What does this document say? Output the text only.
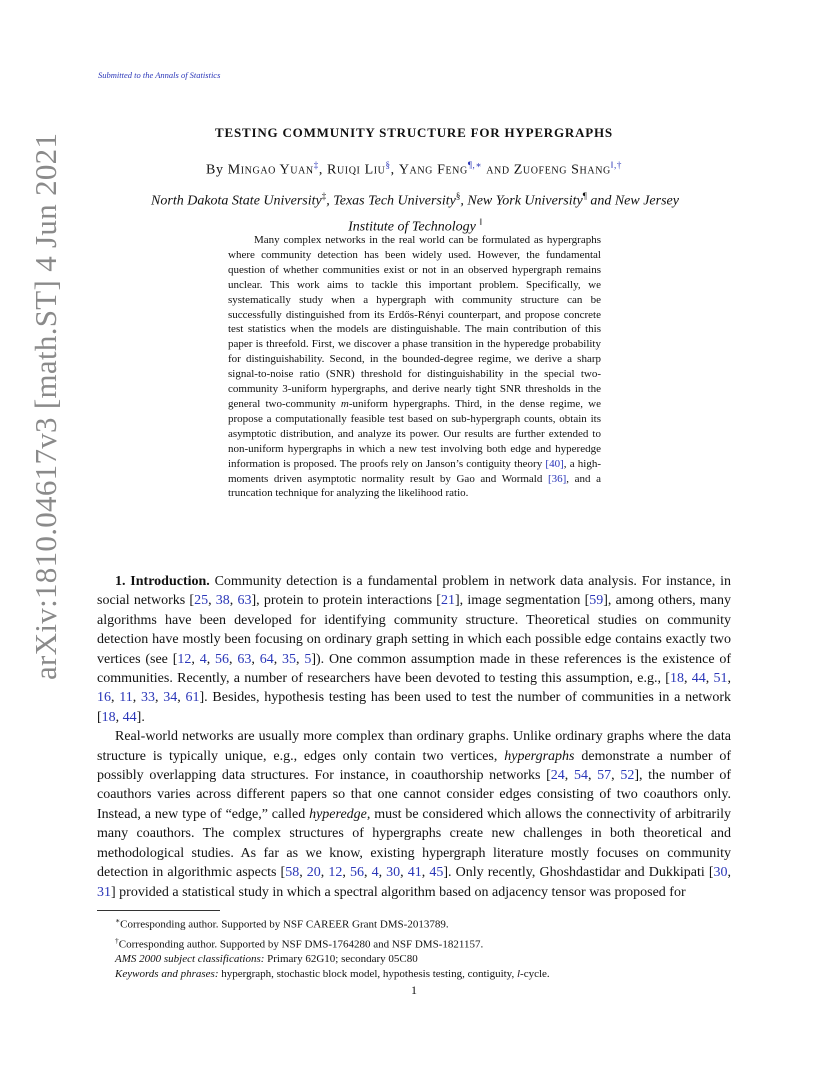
Submitted to the Annals of Statistics
arXiv:1810.04617v3 [math.ST] 4 Jun 2021
TESTING COMMUNITY STRUCTURE FOR HYPERGRAPHS
By Mingao Yuan‡, Ruiqi Liu§, Yang Feng¶,∗ and Zuofeng Shang‖,†
North Dakota State University‡, Texas Tech University§, New York University¶ and New Jersey
Institute of Technology ‖

Many complex networks in the real world can be formulated as hypergraphs where community detection has been widely used. However, the fundamental question of whether communities exist or not in an observed hypergraph remains unclear. This work aims to tackle this important problem. Specifically, we systematically study when a hypergraph with community structure can be successfully distinguished from its Erdős-Rényi counterpart, and propose concrete test statistics when the models are distinguishable. The main contribution of this paper is threefold. First, we discover a phase transition in the hyperedge probability for distinguishability. Second, in the bounded-degree regime, we derive a sharp signal-to-noise ratio (SNR) threshold for distinguishability in the special two-community 3-uniform hypergraphs, and derive nearly tight SNR thresholds in the general two-community m-uniform hypergraphs. Third, in the dense regime, we propose a computationally feasible test based on sub-hypergraph counts, obtain its asymptotic distribution, and analyze its power. Our results are further extended to non-uniform hypergraphs in which a new test involving both edge and hyperedge information is proposed. The proofs rely on Janson’s contiguity theory [40], a high-moments driven asymptotic normality result by Gao and Wormald [36], and a truncation technique for analyzing the likelihood ratio.

1. Introduction. Community detection is a fundamental problem in network data analysis. For instance, in social networks [25, 38, 63], protein to protein interactions [21], image segmentation [59], among others, many algorithms have been developed for identifying community structure. Theoretical studies on community detection have mostly been focusing on ordinary graph setting in which each possible edge contains exactly two vertices (see [12, 4, 56, 63, 64, 35, 5]). One common assumption made in these references is the existence of communities. Recently, a number of researchers have been devoted to testing this assumption, e.g., [18, 44, 51, 16, 11, 33, 34, 61]. Besides, hypothesis testing has been used to test the number of communities in a network [18, 44].

Real-world networks are usually more complex than ordinary graphs. Unlike ordinary graphs where the data structure is typically unique, e.g., edges only contain two vertices, hypergraphs demonstrate a number of possibly overlapping data structures. For instance, in coauthorship networks [24, 54, 57, 52], the number of coauthors varies across different papers so that one cannot consider edges consisting of two coauthors only. Instead, a new type of “edge,” called hyperedge, must be considered which allows the connectivity of arbitrarily many coauthors. The complex structures of hypergraphs create new challenges in both theoretical and methodological studies. As far as we know, existing hypergraph literature mostly focuses on community detection in algorithmic aspects [58, 20, 12, 56, 4, 30, 41, 45]. Only recently, Ghoshdastidar and Dukkipati [30, 31] provided a statistical study in which a spectral algorithm based on adjacency tensor was proposed for

∗Corresponding author. Supported by NSF CAREER Grant DMS-2013789.
†Corresponding author. Supported by NSF DMS-1764280 and NSF DMS-1821157.
AMS 2000 subject classifications: Primary 62G10; secondary 05C80
Keywords and phrases: hypergraph, stochastic block model, hypothesis testing, contiguity, l-cycle.
1
